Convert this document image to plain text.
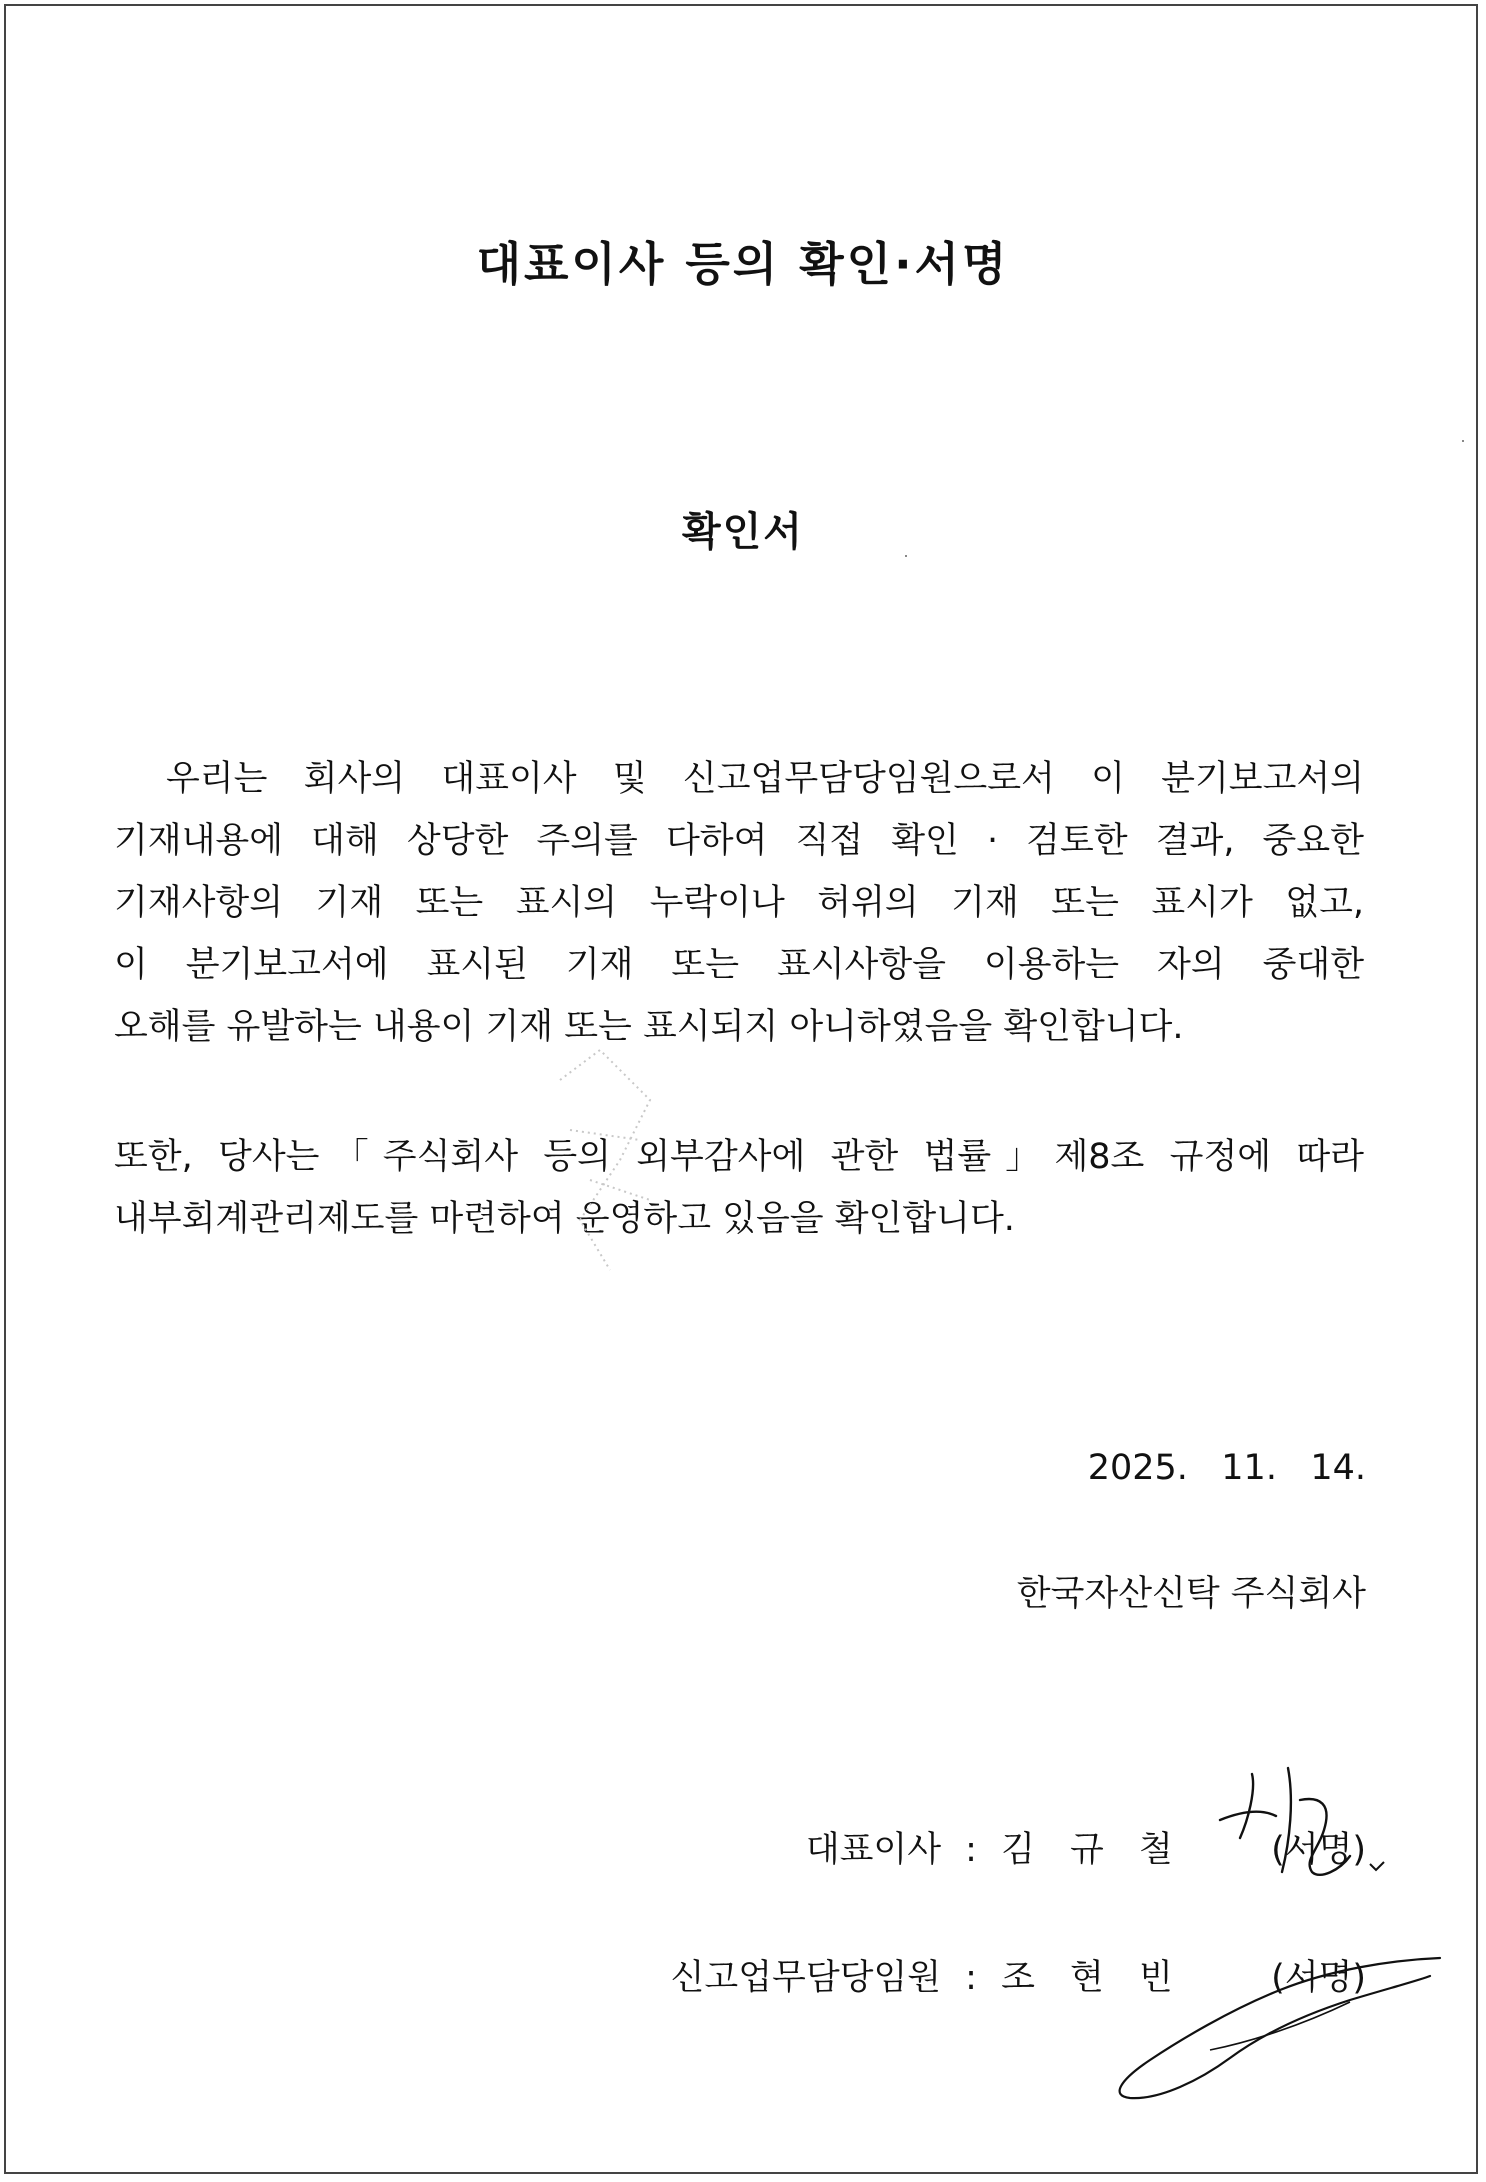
대표이사 등의 확인·서명
확인서
우리는 회사의 대표이사 및 신고업무담당임원으로서 이 분기보고서의
기재내용에 대해 상당한 주의를 다하여 직접 확인 · 검토한 결과, 중요한
기재사항의 기재 또는 표시의 누락이나 허위의 기재 또는 표시가 없고,
이 분기보고서에 표시된 기재 또는 표시사항을 이용하는 자의 중대한
오해를 유발하는 내용이 기재 또는 표시되지 아니하였음을 확인합니다.
또한, 당사는「주식회사 등의 외부감사에 관한 법률」제8조 규정에 따라
내부회계관리제도를 마련하여 운영하고 있음을 확인합니다.
2025.   11.   14.
한국자산신탁 주식회사
대표이사 : 김 규 철	(서명)
신고업무담당임원 : 조 현 빈	(서명)
